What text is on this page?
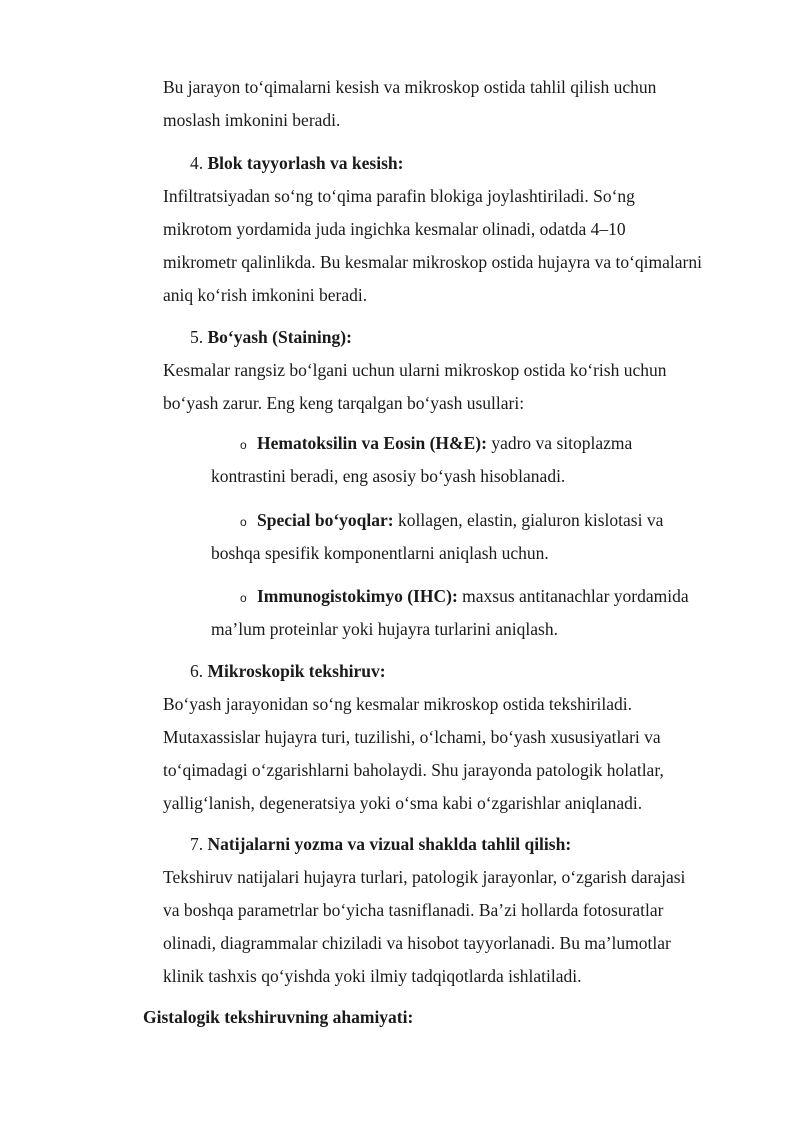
Bu jarayon to‘qimalarni kesish va mikroskop ostida tahlil qilish uchun
moslash imkonini beradi.
4. Blok tayyorlash va kesish:
Infiltratsiyadan so‘ng to‘qima parafin blokiga joylashtiriladi. So‘ng
mikrotom yordamida juda ingichka kesmalar olinadi, odatda 4–10
mikrometr qalinlikda. Bu kesmalar mikroskop ostida hujayra va to‘qimalarni
aniq ko‘rish imkonini beradi.
5. Bo‘yash (Staining):
Kesmalar rangsiz bo‘lgani uchun ularni mikroskop ostida ko‘rish uchun
bo‘yash zarur. Eng keng tarqalgan bo‘yash usullari:
o Hematoksilin va Eosin (H&E): yadro va sitoplazma
kontrastini beradi, eng asosiy bo‘yash hisoblanadi.
o Special bo‘yoqlar: kollagen, elastin, gialuron kislotasi va
boshqa spesifik komponentlarni aniqlash uchun.
o Immunogistokimyo (IHC): maxsus antitanachlar yordamida
ma’lum proteinlar yoki hujayra turlarini aniqlash.
6. Mikroskopik tekshiruv:
Bo‘yash jarayonidan so‘ng kesmalar mikroskop ostida tekshiriladi.
Mutaxassislar hujayra turi, tuzilishi, o‘lchami, bo‘yash xususiyatlari va
to‘qimadagi o‘zgarishlarni baholaydi. Shu jarayonda patologik holatlar,
yallig‘lanish, degeneratsiya yoki o‘sma kabi o‘zgarishlar aniqlanadi.
7. Natijalarni yozma va vizual shaklda tahlil qilish:
Tekshiruv natijalari hujayra turlari, patologik jarayonlar, o‘zgarish darajasi
va boshqa parametrlar bo‘yicha tasniflanadi. Ba’zi hollarda fotosuratlar
olinadi, diagrammalar chiziladi va hisobot tayyorlanadi. Bu ma’lumotlar
klinik tashxis qo‘yishda yoki ilmiy tadqiqotlarda ishlatiladi.
Gistalogik tekshiruvning ahamiyati:
